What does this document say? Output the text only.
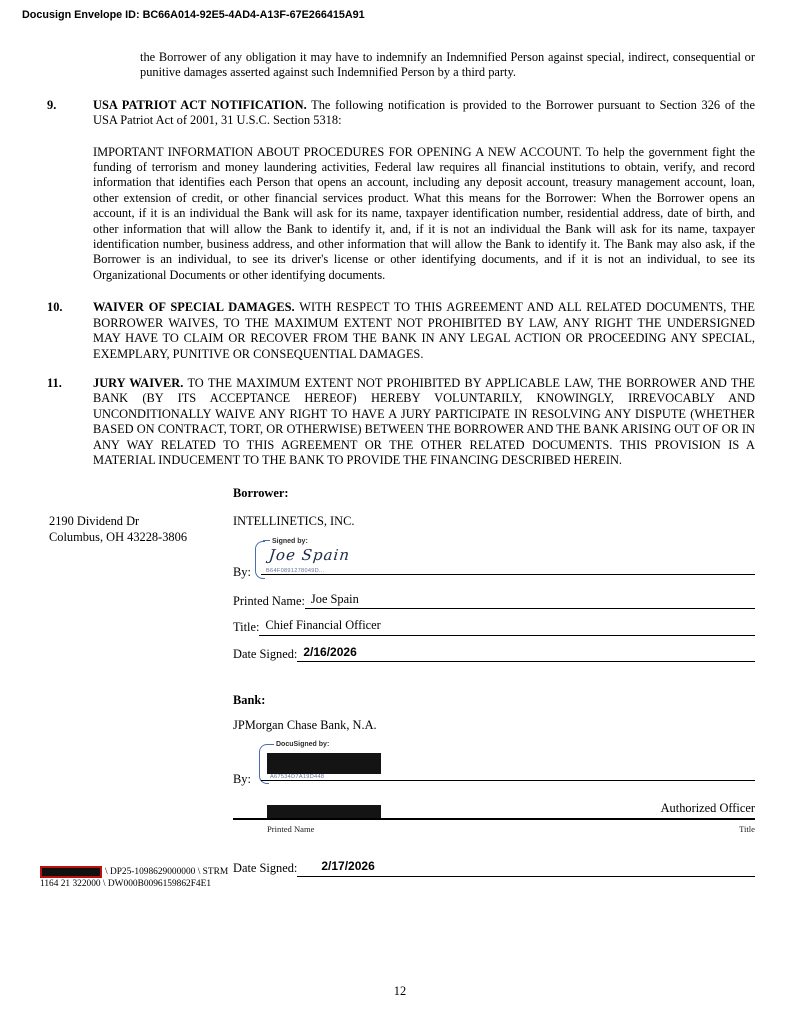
Docusign Envelope ID: BC66A014-92E5-4AD4-A13F-67E266415A91

the Borrower of any obligation it may have to indemnify an Indemnified Person against special, indirect, consequential or punitive damages asserted against such Indemnified Person by a third party.

9.	USA PATRIOT ACT NOTIFICATION. The following notification is provided to the Borrower pursuant to Section 326 of the USA Patriot Act of 2001, 31 U.S.C. Section 5318:

IMPORTANT INFORMATION ABOUT PROCEDURES FOR OPENING A NEW ACCOUNT. To help the government fight the funding of terrorism and money laundering activities, Federal law requires all financial institutions to obtain, verify, and record information that identifies each Person that opens an account, including any deposit account, treasury management account, loan, other extension of credit, or other financial services product. What this means for the Borrower: When the Borrower opens an account, if it is an individual the Bank will ask for its name, taxpayer identification number, residential address, date of birth, and other information that will allow the Bank to identify it, and, if it is not an individual the Bank will ask for its name, taxpayer identification number, business address, and other information that will allow the Bank to identify it. The Bank may also ask, if the Borrower is an individual, to see its driver's license or other identifying documents, and if it is not an individual, to see its Organizational Documents or other identifying documents.

10.	WAIVER OF SPECIAL DAMAGES. WITH RESPECT TO THIS AGREEMENT AND ALL RELATED DOCUMENTS, THE BORROWER WAIVES, TO THE MAXIMUM EXTENT NOT PROHIBITED BY LAW, ANY RIGHT THE UNDERSIGNED MAY HAVE TO CLAIM OR RECOVER FROM THE BANK IN ANY LEGAL ACTION OR PROCEEDING ANY SPECIAL, EXEMPLARY, PUNITIVE OR CONSEQUENTIAL DAMAGES.
11.	JURY WAIVER. TO THE MAXIMUM EXTENT NOT PROHIBITED BY APPLICABLE LAW, THE BORROWER AND THE BANK (BY ITS ACCEPTANCE HEREOF) HEREBY VOLUNTARILY, KNOWINGLY, IRREVOCABLY AND UNCONDITIONALLY WAIVE ANY RIGHT TO HAVE A JURY PARTICIPATE IN RESOLVING ANY DISPUTE (WHETHER BASED ON CONTRACT, TORT, OR OTHERWISE) BETWEEN THE BORROWER AND THE BANK ARISING OUT OF OR IN ANY WAY RELATED TO THIS AGREEMENT OR THE OTHER RELATED DOCUMENTS. THIS PROVISION IS A MATERIAL INDUCEMENT TO THE BANK TO PROVIDE THE FINANCING DESCRIBED HEREIN.
Borrower:
2190 Dividend Dr
Columbus, OH 43228-3806
INTELLINETICS, INC.
By:
Signed by:
Joe Spain
B64F0891278049D...
Printed Name: Joe Spain
Title: Chief Financial Officer
Date Signed: 2/16/2026
Bank:
JPMorgan Chase Bank, N.A.
By:
DocuSigned by:
A67534D7A19D448
Authorized Officer
Printed Name	Title
Date Signed:	2/17/2026
\ DP25-1098629000000 \ STRM
1164 21 322000 \ DW000B0096159862F4E1
12
